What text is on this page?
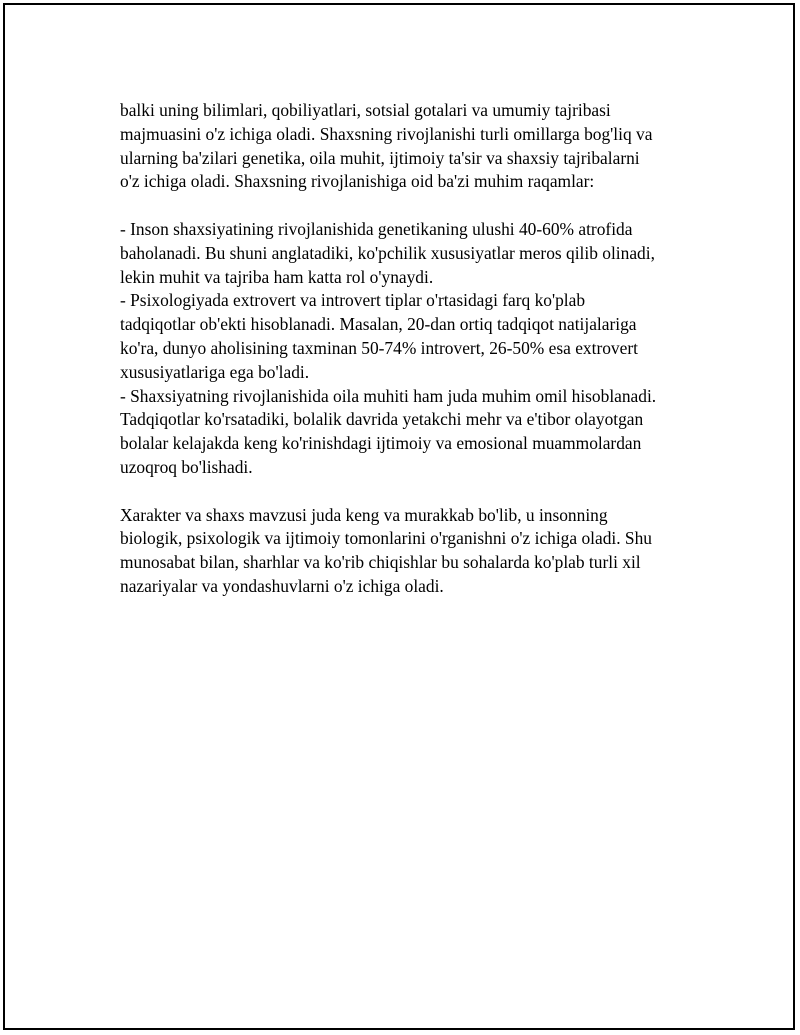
balki uning bilimlari, qobiliyatlari, sotsial gotalari va umumiy tajribasi
majmuasini o'z ichiga oladi. Shaxsning rivojlanishi turli omillarga bog'liq va
ularning ba'zilari genetika, oila muhit, ijtimoiy ta'sir va shaxsiy tajribalarni
o'z ichiga oladi. Shaxsning rivojlanishiga oid ba'zi muhim raqamlar:
- Inson shaxsiyatining rivojlanishida genetikaning ulushi 40-60% atrofida
baholanadi. Bu shuni anglatadiki, ko'pchilik xususiyatlar meros qilib olinadi,
lekin muhit va tajriba ham katta rol o'ynaydi.
- Psixologiyada extrovert va introvert tiplar o'rtasidagi farq ko'plab
tadqiqotlar ob'ekti hisoblanadi. Masalan, 20-dan ortiq tadqiqot natijalariga
ko'ra, dunyo aholisining taxminan 50-74% introvert, 26-50% esa extrovert
xususiyatlariga ega bo'ladi.
- Shaxsiyatning rivojlanishida oila muhiti ham juda muhim omil hisoblanadi.
Tadqiqotlar ko'rsatadiki, bolalik davrida yetakchi mehr va e'tibor olayotgan
bolalar kelajakda keng ko'rinishdagi ijtimoiy va emosional muammolardan
uzoqroq bo'lishadi.
Xarakter va shaxs mavzusi juda keng va murakkab bo'lib, u insonning
biologik, psixologik va ijtimoiy tomonlarini o'rganishni o'z ichiga oladi. Shu
munosabat bilan, sharhlar va ko'rib chiqishlar bu sohalarda ko'plab turli xil
nazariyalar va yondashuvlarni o'z ichiga oladi.
